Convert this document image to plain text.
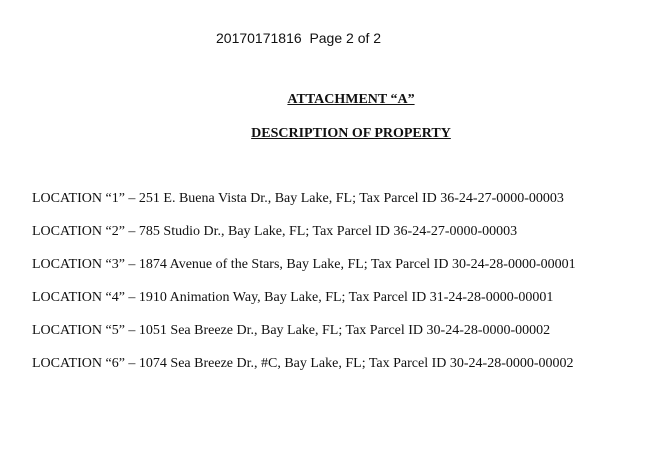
20170171816 Page 2 of 2
ATTACHMENT “A”
DESCRIPTION OF PROPERTY
LOCATION “1” – 251 E. Buena Vista Dr., Bay Lake, FL; Tax Parcel ID 36-24-27-0000-00003
LOCATION “2” – 785 Studio Dr., Bay Lake, FL; Tax Parcel ID 36-24-27-0000-00003
LOCATION “3” – 1874 Avenue of the Stars, Bay Lake, FL; Tax Parcel ID 30-24-28-0000-00001
LOCATION “4” – 1910 Animation Way, Bay Lake, FL; Tax Parcel ID 31-24-28-0000-00001
LOCATION “5” – 1051 Sea Breeze Dr., Bay Lake, FL; Tax Parcel ID 30-24-28-0000-00002
LOCATION “6” – 1074 Sea Breeze Dr., #C, Bay Lake, FL; Tax Parcel ID 30-24-28-0000-00002
